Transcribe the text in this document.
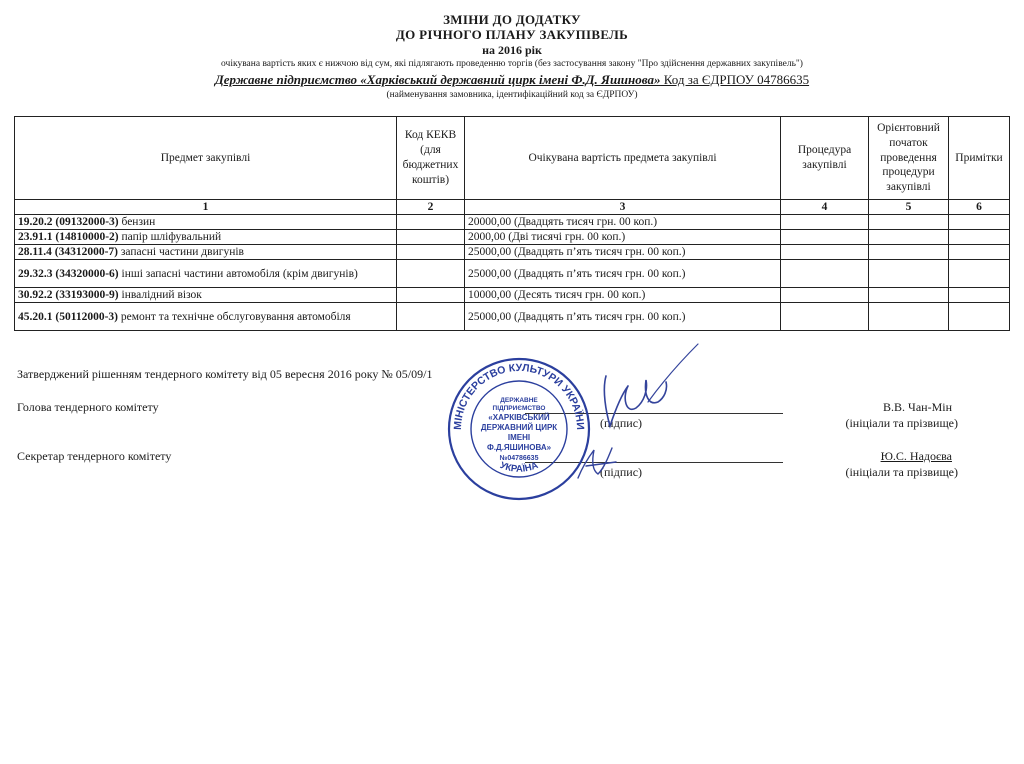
ЗМІНИ ДО ДОДАТКУ
ДО РІЧНОГО ПЛАНУ ЗАКУПІВЕЛЬ
на 2016 рік
очікувана вартість яких є нижчою від сум, які підлягають проведенню торгів (без застосування закону "Про здійснення державних закупівель")
Державне підприємство «Харківський державний цирк імені Ф.Д. Яшинова» Код за ЄДРПОУ 04786635
(найменування замовника, ідентифікаційний код за ЄДРПОУ)
Предмет закупівлі	Код КЕКВ (для бюджетних коштів)	Очікувана вартість предмета закупівлі	Процедура закупівлі	Орієнтовний початок проведення процедури закупівлі	Примітки
1	2	3	4	5	6
19.20.2 (09132000-3) бензин		20000,00 (Двадцять тисяч грн. 00 коп.)			
23.91.1 (14810000-2) папір шліфувальний		2000,00 (Дві тисячі грн. 00 коп.)			
28.11.4 (34312000-7) запасні частини двигунів		25000,00 (Двадцять п’ять тисяч грн. 00 коп.)			
29.32.3 (34320000-6) інші запасні частини автомобіля (крім двигунів)		25000,00 (Двадцять п’ять тисяч грн. 00 коп.)			
30.92.2 (33193000-9) інвалідний візок		10000,00 (Десять тисяч грн. 00 коп.)			
45.20.1 (50112000-3) ремонт та технічне обслуговування автомобіля		25000,00 (Двадцять п’ять тисяч грн. 00 коп.)			
Затверджений рішенням тендерного комітету від 05 вересня 2016 року № 05/09/1
Голова тендерного комітету
(підпис)
В.В. Чан-Мін
(ініціали та прізвище)
Секретар тендерного комітету
(підпис)
Ю.С. Надоєва
(ініціали та прізвище)
МІНІСТЕРСТВО КУЛЬТУРИ УКРАЇНИ
УКРАЇНА
ДЕРЖАВНЕ
ПІДПРИЄМСТВО
«ХАРКІВСЬКИЙ
ДЕРЖАВНИЙ ЦИРК
ІМЕНІ
Ф.Д.ЯШИНОВА»
№04786635
